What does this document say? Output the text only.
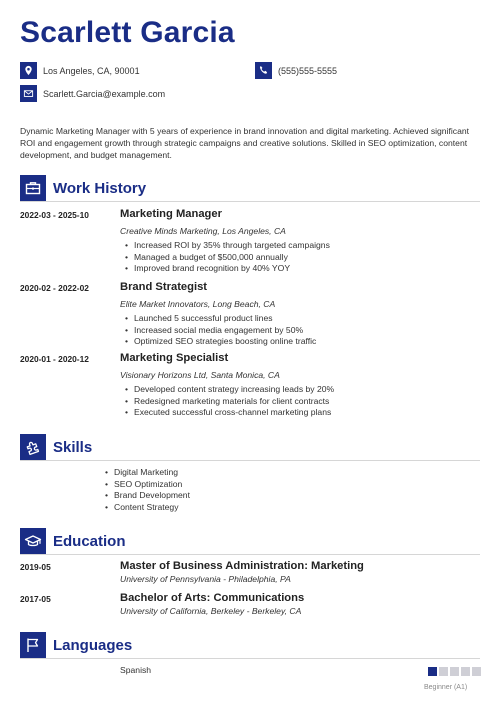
Scarlett Garcia
Los Angeles, CA, 90001	(555)555-5555
Scarlett.Garcia@example.com
Dynamic Marketing Manager with 5 years of experience in brand innovation and digital marketing. Achieved significant ROI and engagement growth through strategic campaigns and creative solutions. Skilled in SEO optimization, content development, and budget management.
Work History
2022-03 - 2025-10	Marketing Manager
Creative Minds Marketing, Los Angeles, CA
• Increased ROI by 35% through targeted campaigns
• Managed a budget of $500,000 annually
• Improved brand recognition by 40% YOY
2020-02 - 2022-02	Brand Strategist
Elite Market Innovators, Long Beach, CA
• Launched 5 successful product lines
• Increased social media engagement by 50%
• Optimized SEO strategies boosting online traffic
2020-01 - 2020-12	Marketing Specialist
Visionary Horizons Ltd, Santa Monica, CA
• Developed content strategy increasing leads by 20%
• Redesigned marketing materials for client contracts
• Executed successful cross-channel marketing plans
Skills
• Digital Marketing
• SEO Optimization
• Brand Development
• Content Strategy
Education
2019-05	Master of Business Administration: Marketing
University of Pennsylvania - Philadelphia, PA
2017-05	Bachelor of Arts: Communications
University of California, Berkeley - Berkeley, CA
Languages
Spanish
Beginner (A1)
